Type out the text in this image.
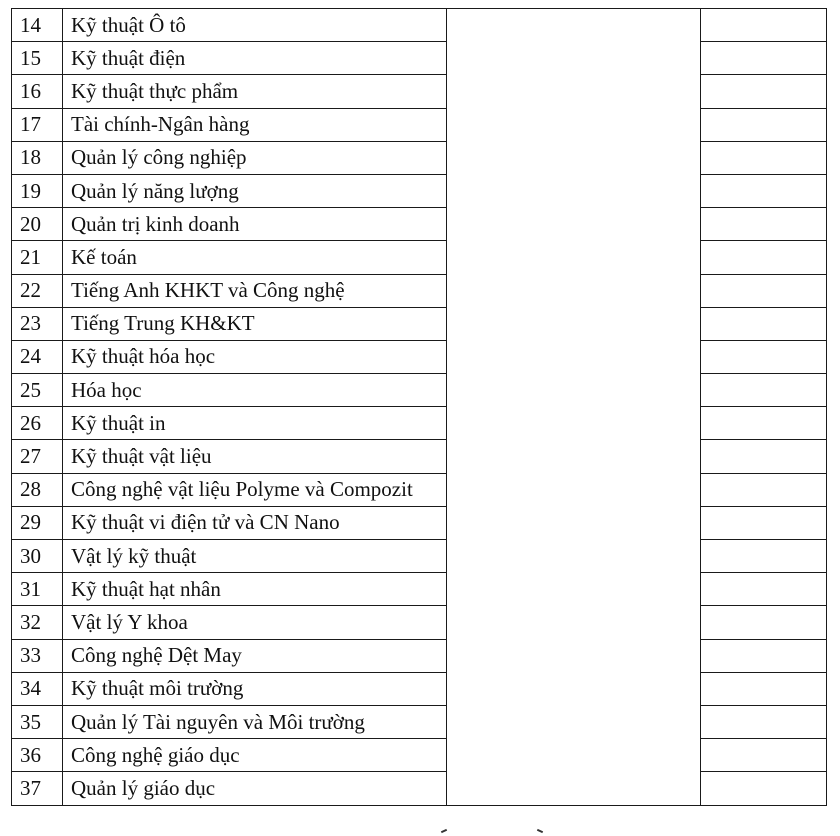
14	Kỹ thuật Ô tô		
15	Kỹ thuật điện		
16	Kỹ thuật thực phẩm		
17	Tài chính-Ngân hàng		
18	Quản lý công nghiệp		
19	Quản lý năng lượng		
20	Quản trị kinh doanh		
21	Kế toán		
22	Tiếng Anh KHKT và Công nghệ		
23	Tiếng Trung KH&KT		
24	Kỹ thuật hóa học		
25	Hóa học		
26	Kỹ thuật in		
27	Kỹ thuật vật liệu		
28	Công nghệ vật liệu Polyme và Compozit		
29	Kỹ thuật vi điện tử và CN Nano		
30	Vật lý kỹ thuật		
31	Kỹ thuật hạt nhân		
32	Vật lý Y khoa		
33	Công nghệ Dệt May		
34	Kỹ thuật môi trường		
35	Quản lý Tài nguyên và Môi trường		
36	Công nghệ giáo dục		
37	Quản lý giáo dục		
